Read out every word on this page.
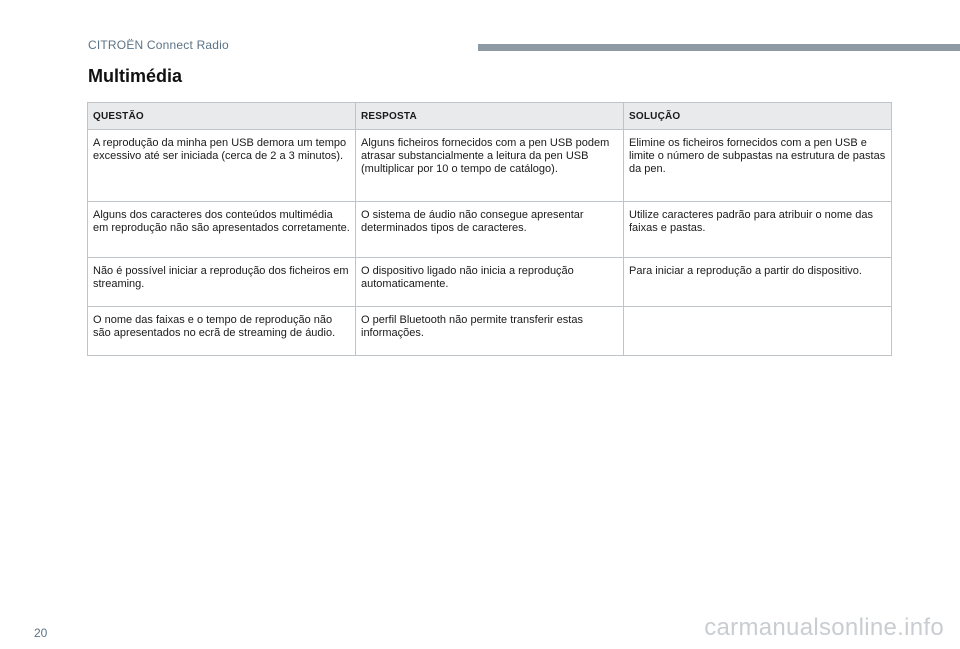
CITROËN Connect Radio
Multimédia
QUESTÃO	RESPOSTA	SOLUÇÃO
A reprodução da minha pen USB demora um tempo excessivo até ser iniciada (cerca de 2 a 3 minutos).	Alguns ficheiros fornecidos com a pen USB podem atrasar substancialmente a leitura da pen USB (multiplicar por 10 o tempo de catálogo).	Elimine os ficheiros fornecidos com a pen USB e limite o número de subpastas na estrutura de pastas da pen.
Alguns dos caracteres dos conteúdos multimédia em reprodução não são apresentados corretamente.	O sistema de áudio não consegue apresentar determinados tipos de caracteres.	Utilize caracteres padrão para atribuir o nome das faixas e pastas.
Não é possível iniciar a reprodução dos ficheiros em streaming.	O dispositivo ligado não inicia a reprodução automaticamente.	Para iniciar a reprodução a partir do dispositivo.
O nome das faixas e o tempo de reprodução não são apresentados no ecrã de streaming de áudio.	O perfil Bluetooth não permite transferir estas informações.	
20	carmanualsonline.info
